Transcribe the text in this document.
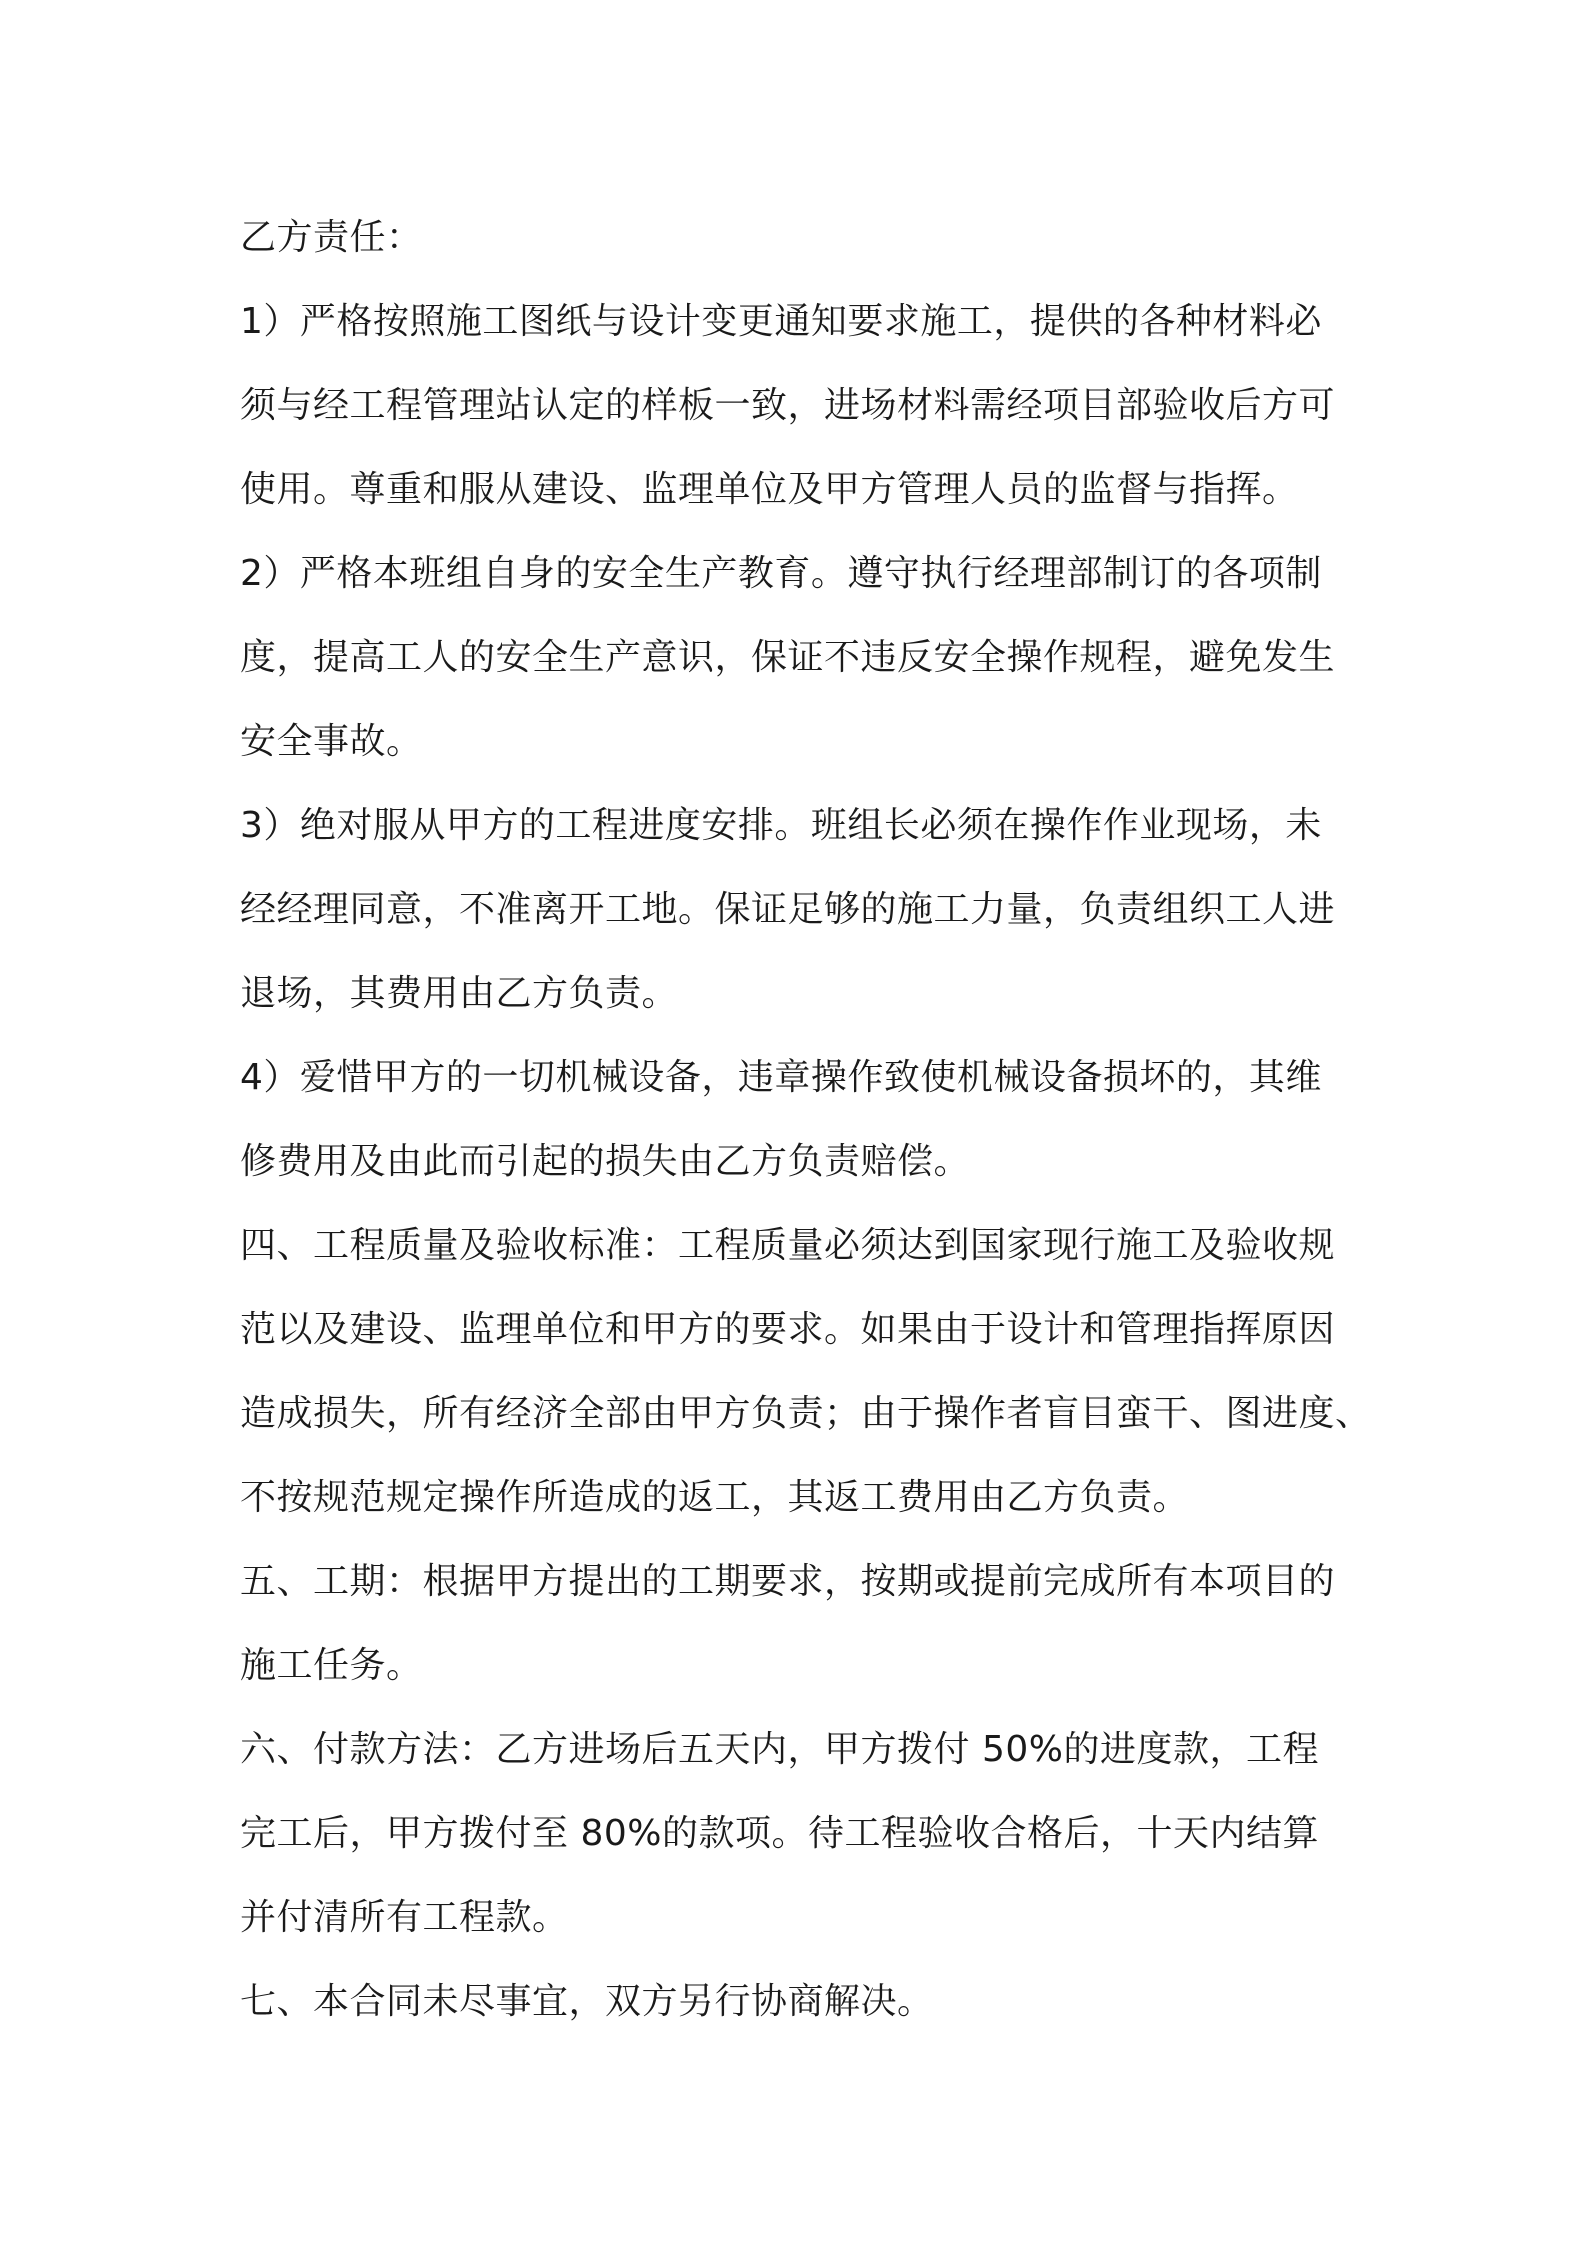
乙方责任：

1）严格按照施工图纸与设计变更通知要求施工，提供的各种材料必

须与经工程管理站认定的样板一致，进场材料需经项目部验收后方可

使用。尊重和服从建设、监理单位及甲方管理人员的监督与指挥。

2）严格本班组自身的安全生产教育。遵守执行经理部制订的各项制

度，提高工人的安全生产意识，保证不违反安全操作规程，避免发生

安全事故。

3）绝对服从甲方的工程进度安排。班组长必须在操作作业现场，未

经经理同意，不准离开工地。保证足够的施工力量，负责组织工人进

退场，其费用由乙方负责。

4）爱惜甲方的一切机械设备，违章操作致使机械设备损坏的，其维

修费用及由此而引起的损失由乙方负责赔偿。

四、工程质量及验收标准：工程质量必须达到国家现行施工及验收规

范以及建设、监理单位和甲方的要求。如果由于设计和管理指挥原因

造成损失，所有经济全部由甲方负责；由于操作者盲目蛮干、图进度、

不按规范规定操作所造成的返工，其返工费用由乙方负责。

五、工期：根据甲方提出的工期要求，按期或提前完成所有本项目的

施工任务。

六、付款方法：乙方进场后五天内，甲方拨付 50%的进度款，工程

完工后，甲方拨付至 80%的款项。待工程验收合格后，十天内结算

并付清所有工程款。

七、本合同未尽事宜，双方另行协商解决。
